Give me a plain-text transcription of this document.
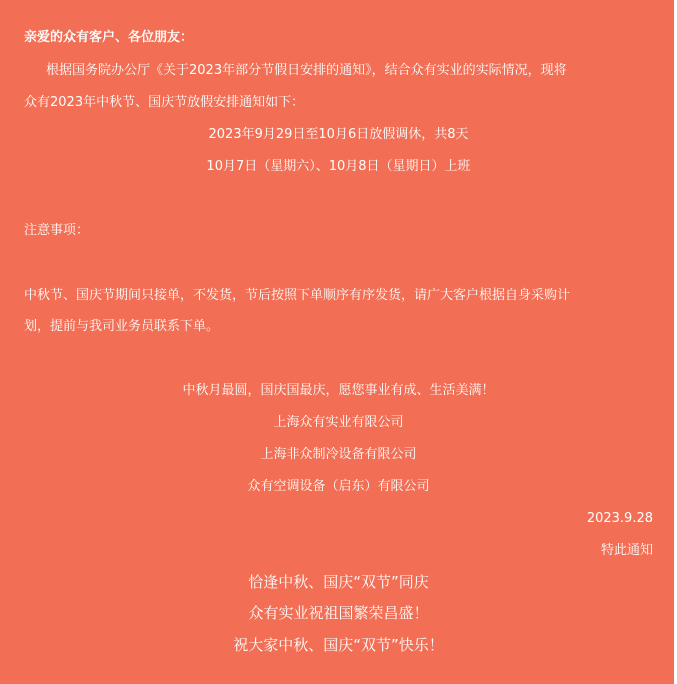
亲爱的众有客户、各位朋友：
根据国务院办公厅《关于2023年部分节假日安排的通知》，结合众有实业的实际情况，现将
众有2023年中秋节、国庆节放假安排通知如下：
2023年9月29日至10月6日放假调休，共8天
10月7日（星期六）、10月8日（星期日）上班
注意事项：
中秋节、国庆节期间只接单，不发货，节后按照下单顺序有序发货，请广大客户根据自身采购计
划，提前与我司业务员联系下单。
中秋月最圆，国庆国最庆，愿您事业有成、生活美满！
上海众有实业有限公司
上海非众制冷设备有限公司
众有空调设备（启东）有限公司
2023.9.28
特此通知
恰逢中秋、国庆“双节”同庆
众有实业祝祖国繁荣昌盛！
祝大家中秋、国庆“双节”快乐！
